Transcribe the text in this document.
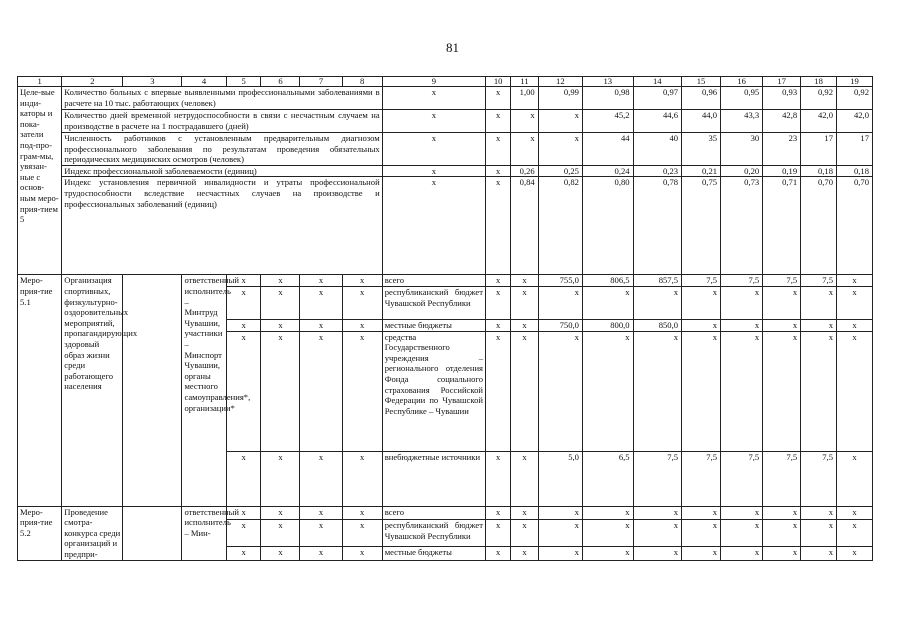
81
1	2	3	4	5	6	7	8	9	10	11	12	13	14	15	16	17	18	19
Целе-вые инди-каторы и пока-затели под-про-грам-мы, увязан-ные с основ-ным меро-прия-тием 5	Количество больных с впервые выявленными профессиональными заболеваниями в расчете на 10 тыс. работающих (человек)							x	x	1,00	0,99	0,98	0,97	0,96	0,95	0,93	0,92	0,92
	Количество дней временной нетрудоспособности в связи с несчастным случаем на производстве в расчете на 1 пострадавшего (дней)							x	x	x	x	45,2	44,6	44,0	43,3	42,8	42,0	42,0
	Численность работников с установленным предварительным диагнозом профессионального заболевания по результатам проведения обязательных периодических медицинских осмотров (человек)							x	x	x	x	44	40	35	30	23	17	17
	Индекс профессиональной заболеваемости (единиц)							x	x	0,26	0,25	0,24	0,23	0,21	0,20	0,19	0,18	0,18
	Индекс установления первичной инвалидности и утраты профессиональной трудоспособности вследствие несчастных случаев на производстве и профессиональных заболеваний (единиц)							x	x	0,84	0,82	0,80	0,78	0,75	0,73	0,71	0,70	0,70
Меро-прия-тие 5.1	Организация спортивных, физкультурно-оздоровительных мероприятий, пропагандирующих здоровый образ жизни среди работающего населения		ответственный исполнитель – Минтруд Чувашии, участники – Минспорт Чувашии, органы местного самоуправления*, организации*	x	x	x	x	всего	x	x	755,0	806,5	857,5	7,5	7,5	7,5	7,5	x
				x	x	x	x	республиканский бюджет Чувашской Республики	x	x	x	x	x	x	x	x	x	x
				x	x	x	x	местные бюджеты	x	x	750,0	800,0	850,0	x	x	x	x	x
				x	x	x	x	средства Государственного учреждения – регионального отделения Фонда социального страхования Российской Федерации по Чувашской Республике – Чувашии	x	x	x	x	x	x	x	x	x	x
				x	x	x	x	внебюджетные источники	x	x	5,0	6,5	7,5	7,5	7,5	7,5	7,5	x
Меро-прия-тие 5.2	Проведение смотра-конкурса среди организаций и предпри-		ответственный исполнитель – Мин-	x	x	x	x	всего	x	x	x	x	x	x	x	x	x	x
				x	x	x	x	республиканский бюджет Чувашской Республики	x	x	x	x	x	x	x	x	x	x
				x	x	x	x	местные бюджеты	x	x	x	x	x	x	x	x	x	x
